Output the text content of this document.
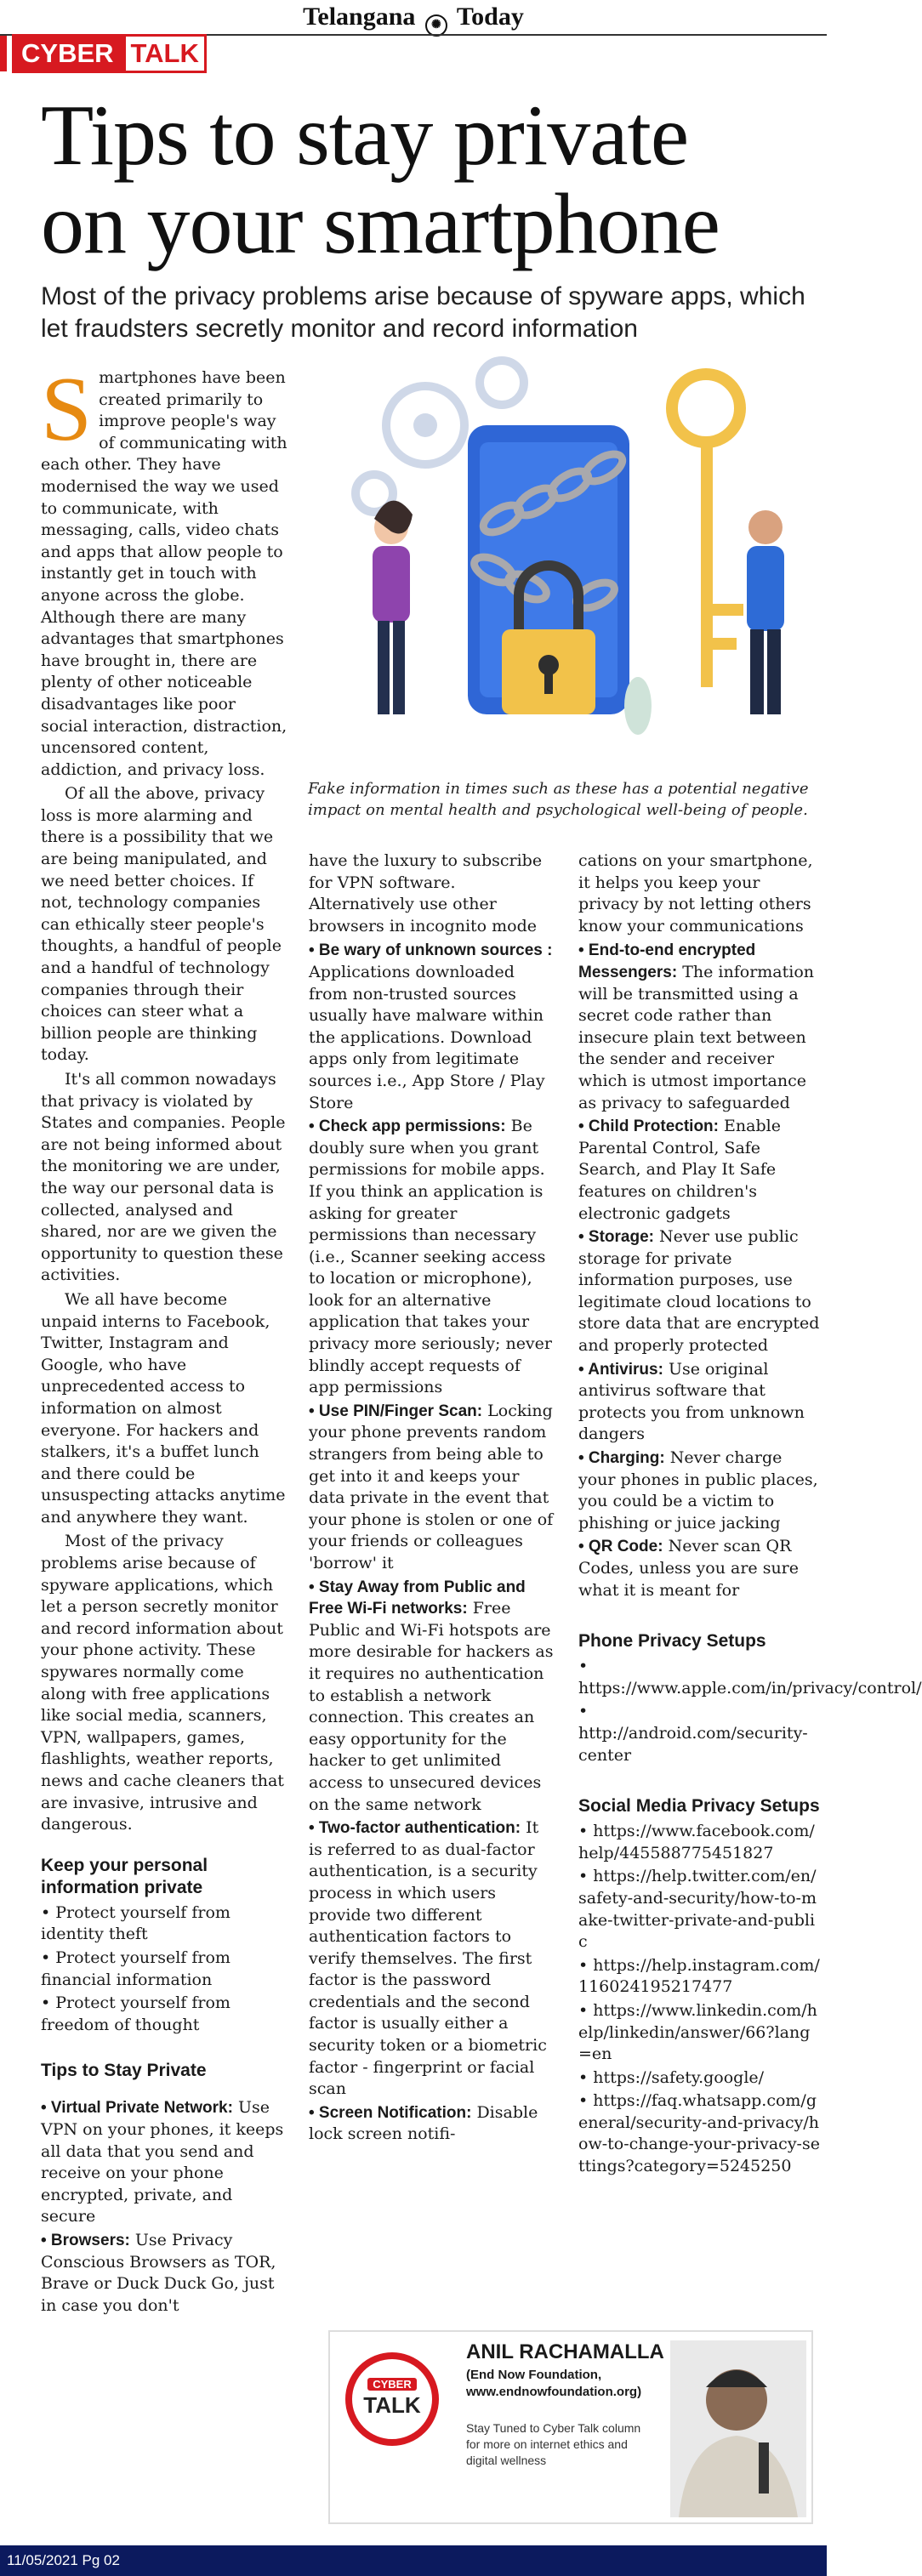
Telangana ✺ Today
CYBER TALK
Tips to stay private
on your smartphone
Most of the privacy problems arise because of spyware apps, which let fraudsters secretly monitor and record information
Fake information in times such as these has a potential negative impact on mental health and psychological well-being of people.

Smartphones have been created primarily to improve people's way of communicating with each other. They have modernised the way we used to communicate, with messaging, calls, video chats and apps that allow people to instantly get in touch with anyone across the globe. Although there are many advantages that smartphones have brought in, there are plenty of other noticeable disadvantages like poor social interaction, distraction, uncensored content, addiction, and privacy loss.

Of all the above, privacy loss is more alarming and there is a possibility that we are being manipulated, and we need better choices. If not, technology companies can ethically steer people's thoughts, a handful of people and a handful of technology companies through their choices can steer what a billion people are thinking today.

It's all common nowadays that privacy is violated by States and companies. People are not being informed about the monitoring we are under, the way our personal data is collected, analysed and shared, nor are we given the opportunity to question these activities.

We all have become unpaid interns to Facebook, Twitter, Instagram and Google, who have unprecedented access to information on almost everyone. For hackers and stalkers, it's a buffet lunch and there could be unsuspecting attacks anytime and anywhere they want.

Most of the privacy problems arise because of spyware applications, which let a person secretly monitor and record information about your phone activity. These spywares normally come along with free applications like social media, scanners, VPN, wallpapers, games, flashlights, weather reports, news and cache cleaners that are invasive, intrusive and dangerous.

Keep your personal information private
• Protect yourself from identity theft
• Protect yourself from financial information
• Protect yourself from freedom of thought
Tips to Stay Private
• Virtual Private Network: Use VPN on your phones, it keeps all data that you send and receive on your phone encrypted, private, and secure
• Browsers: Use Privacy Conscious Browsers as TOR, Brave or Duck Duck Go, just in case you don't

have the luxury to subscribe for VPN software. Alternatively use other browsers in incognito mode

• Be wary of unknown sources : Applications downloaded from non-trusted sources usually have malware within the applications. Download apps only from legitimate sources i.e., App Store / Play Store
• Check app permissions: Be doubly sure when you grant permissions for mobile apps. If you think an application is asking for greater permissions than necessary (i.e., Scanner seeking access to location or microphone), look for an alternative application that takes your privacy more seriously; never blindly accept requests of app permissions
• Use PIN/Finger Scan: Locking your phone prevents random strangers from being able to get into it and keeps your data private in the event that your phone is stolen or one of your friends or colleagues 'borrow' it
• Stay Away from Public and Free Wi-Fi networks: Free Public and Wi-Fi hotspots are more desirable for hackers as it requires no authentication to establish a network connection. This creates an easy opportunity for the hacker to get unlimited access to unsecured devices on the same network
• Two-factor authentication: It is referred to as dual-factor authentication, is a security process in which users provide two different authentication factors to verify themselves. The first factor is the password credentials and the second factor is usually either a security token or a biometric factor - fingerprint or facial scan
• Screen Notification: Disable lock screen notifi-

cations on your smartphone, it helps you keep your privacy by not letting others know your communications

• End-to-end encrypted Messengers: The information will be transmitted using a secret code rather than insecure plain text between the sender and receiver which is utmost importance as privacy to safeguarded
• Child Protection: Enable Parental Control, Safe Search, and Play It Safe features on children's electronic gadgets
• Storage: Never use public storage for private information purposes, use legitimate cloud locations to store data that are encrypted and properly protected
• Antivirus: Use original antivirus software that protects you from unknown dangers
• Charging: Never charge your phones in public places, you could be a victim to phishing or juice jacking
• QR Code: Never scan QR Codes, unless you are sure what it is meant for
Phone Privacy Setups
• https://www.apple.com/in/privacy/control/
• http://android.com/security-center
Social Media Privacy Setups
• https://www.facebook.com/help/445588775451827
• https://help.twitter.com/en/safety-and-security/how-to-make-twitter-private-and-public
• https://help.instagram.com/116024195217477
• https://www.linkedin.com/help/linkedin/answer/66?lang=en
• https://safety.google/
• https://faq.whatsapp.com/general/security-and-privacy/how-to-change-your-privacy-settings?category=5245250
CYBER
TALK
ANIL RACHAMALLA
(End Now Foundation,
www.endnowfoundation.org)
Stay Tuned to Cyber Talk column for more on internet ethics and digital wellness
11/05/2021 Pg 02
